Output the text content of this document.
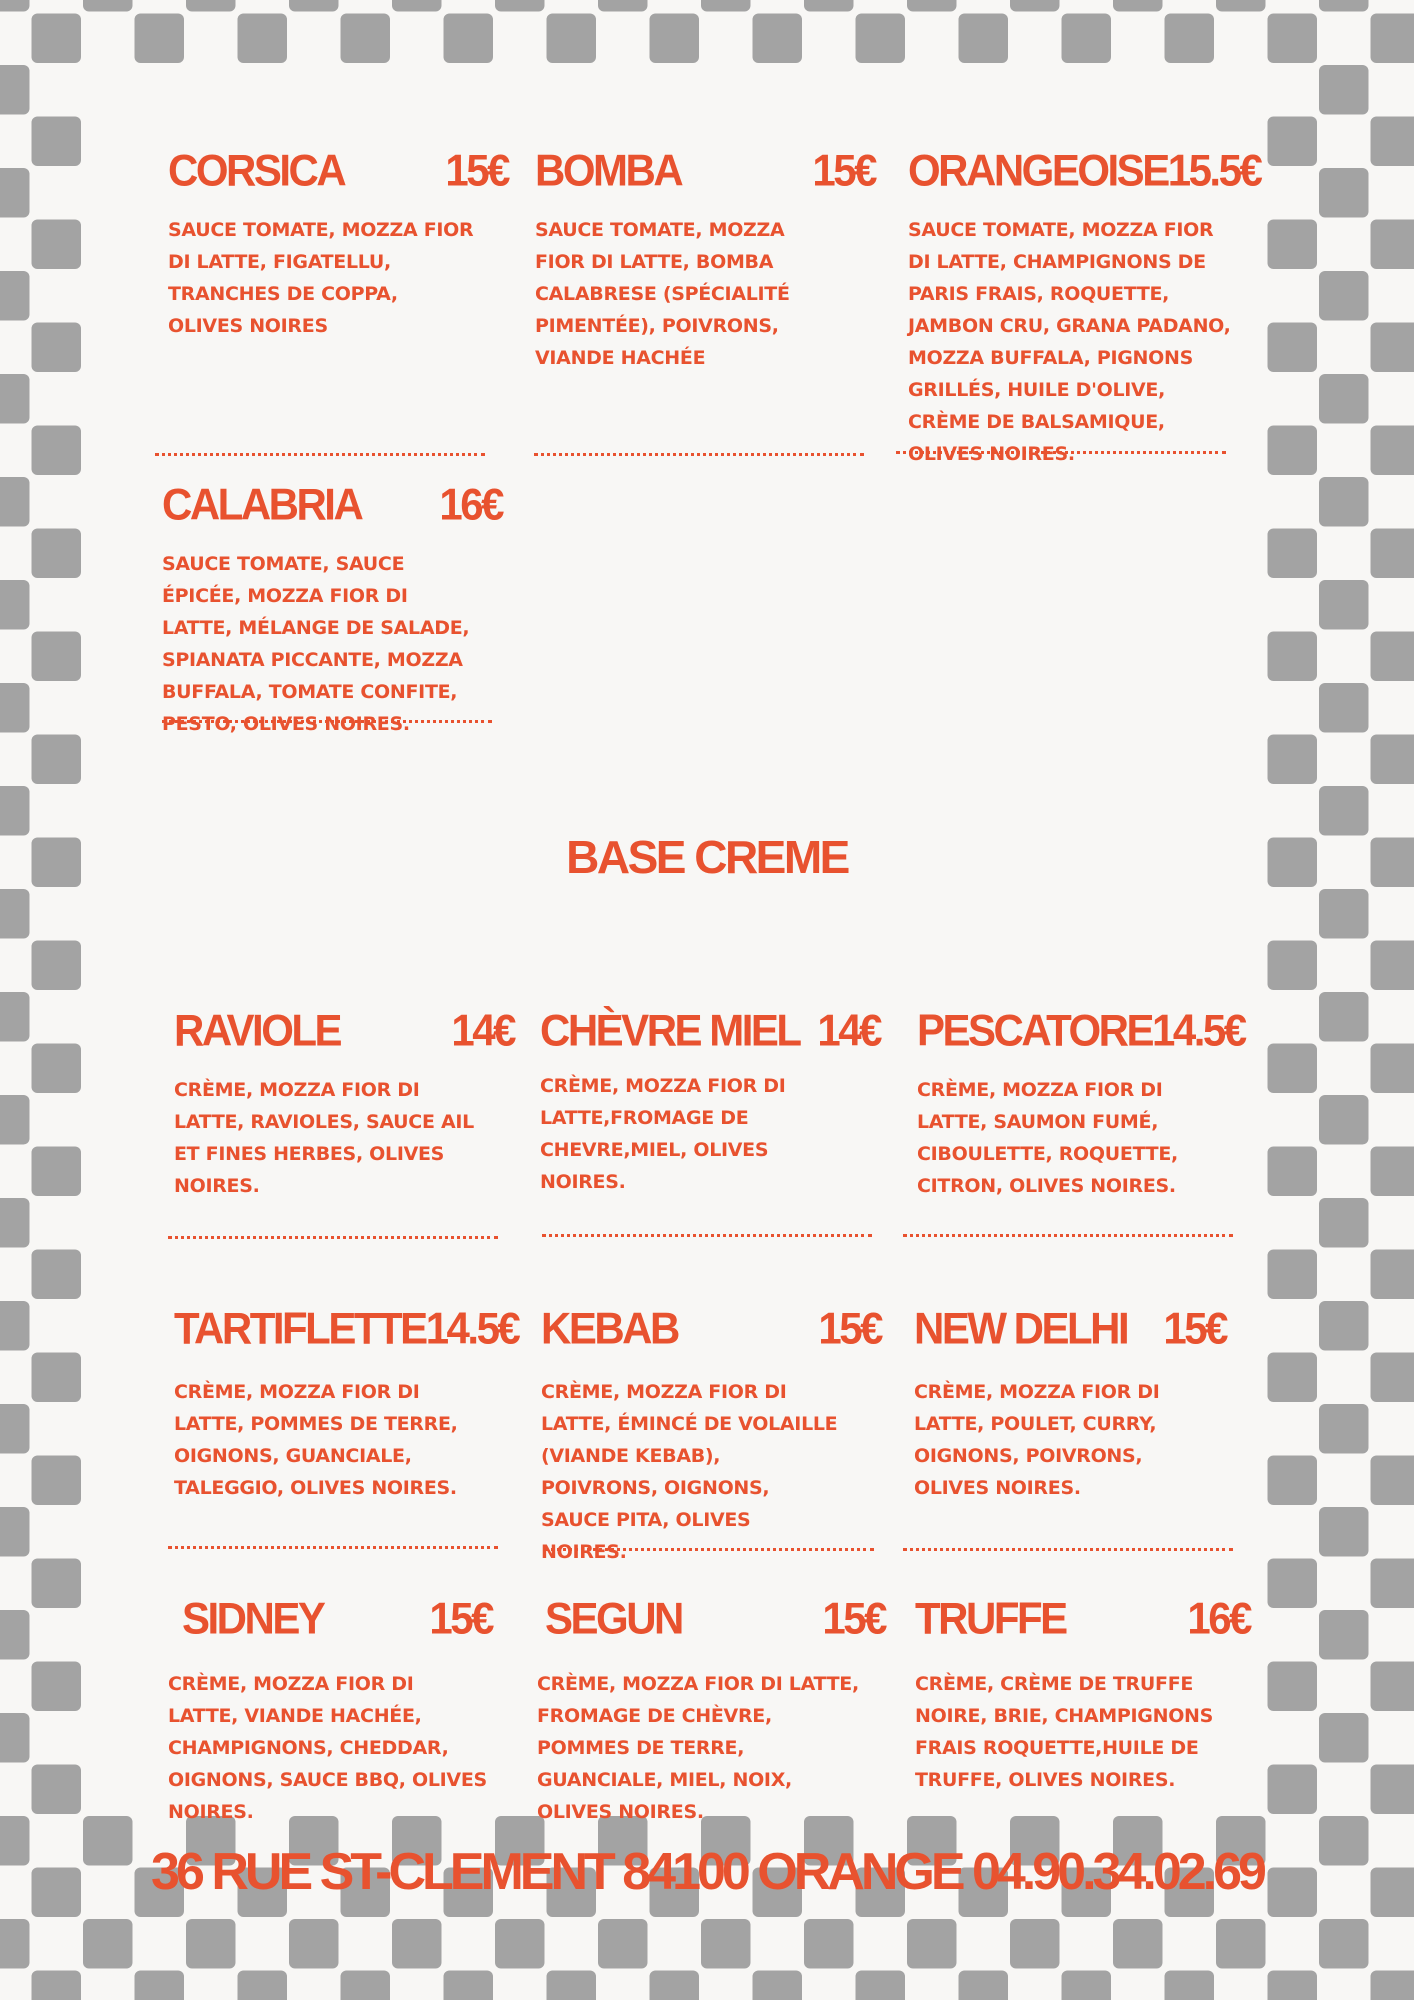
CORSICA 15€
SAUCE TOMATE, MOZZA FIOR DI LATTE, FIGATELLU, TRANCHES DE COPPA, OLIVES NOIRES
BOMBA	15€
SAUCE TOMATE, MOZZA FIOR DI LATTE, BOMBA CALABRESE (SPÉCIALITÉ PIMENTÉE), POIVRONS, VIANDE HACHÉE
ORANGEOISE 15.5€
SAUCE TOMATE, MOZZA FIOR DI LATTE, CHAMPIGNONS DE PARIS FRAIS, ROQUETTE, JAMBON CRU, GRANA PADANO, MOZZA BUFFALA, PIGNONS GRILLÉS, HUILE D'OLIVE, CRÈME DE BALSAMIQUE, OLIVES NOIRES.
CALABRIA 16€
SAUCE TOMATE, SAUCE ÉPICÉE, MOZZA FIOR DI LATTE, MÉLANGE DE SALADE, SPIANATA PICCANTE, MOZZA BUFFALA, TOMATE CONFITE, PESTO, OLIVES NOIRES.
BASE CREME
RAVIOLE	14€
CRÈME, MOZZA FIOR DI LATTE, RAVIOLES, SAUCE AIL ET FINES HERBES, OLIVES NOIRES.
CHÈVRE MIEL 14€
CRÈME, MOZZA FIOR DI LATTE,FROMAGE DE CHEVRE,MIEL, OLIVES NOIRES.
PESCATORE 14.5€
CRÈME, MOZZA FIOR DI LATTE, SAUMON FUMÉ, CIBOULETTE, ROQUETTE, CITRON, OLIVES NOIRES.
TARTIFLETTE 14.5€
CRÈME, MOZZA FIOR DI LATTE, POMMES DE TERRE, OIGNONS, GUANCIALE, TALEGGIO, OLIVES NOIRES.
KEBAB	15€
CRÈME, MOZZA FIOR DI LATTE, ÉMINCÉ DE VOLAILLE (VIANDE KEBAB), POIVRONS, OIGNONS, SAUCE PITA, OLIVES NOIRES.
NEW DELHI 15€
CRÈME, MOZZA FIOR DI LATTE, POULET, CURRY, OIGNONS, POIVRONS, OLIVES NOIRES.
SIDNEY	15€
CRÈME, MOZZA FIOR DI LATTE, VIANDE HACHÉE, CHAMPIGNONS, CHEDDAR, OIGNONS, SAUCE BBQ, OLIVES NOIRES.
SEGUN	15€
CRÈME, MOZZA FIOR DI LATTE, FROMAGE DE CHÈVRE, POMMES DE TERRE, GUANCIALE, MIEL, NOIX, OLIVES NOIRES.
TRUFFE	16€
CRÈME, CRÈME DE TRUFFE NOIRE, BRIE, CHAMPIGNONS FRAIS ROQUETTE,HUILE DE TRUFFE, OLIVES NOIRES.
36 RUE ST-CLEMENT 84100 ORANGE 04.90.34.02.69
